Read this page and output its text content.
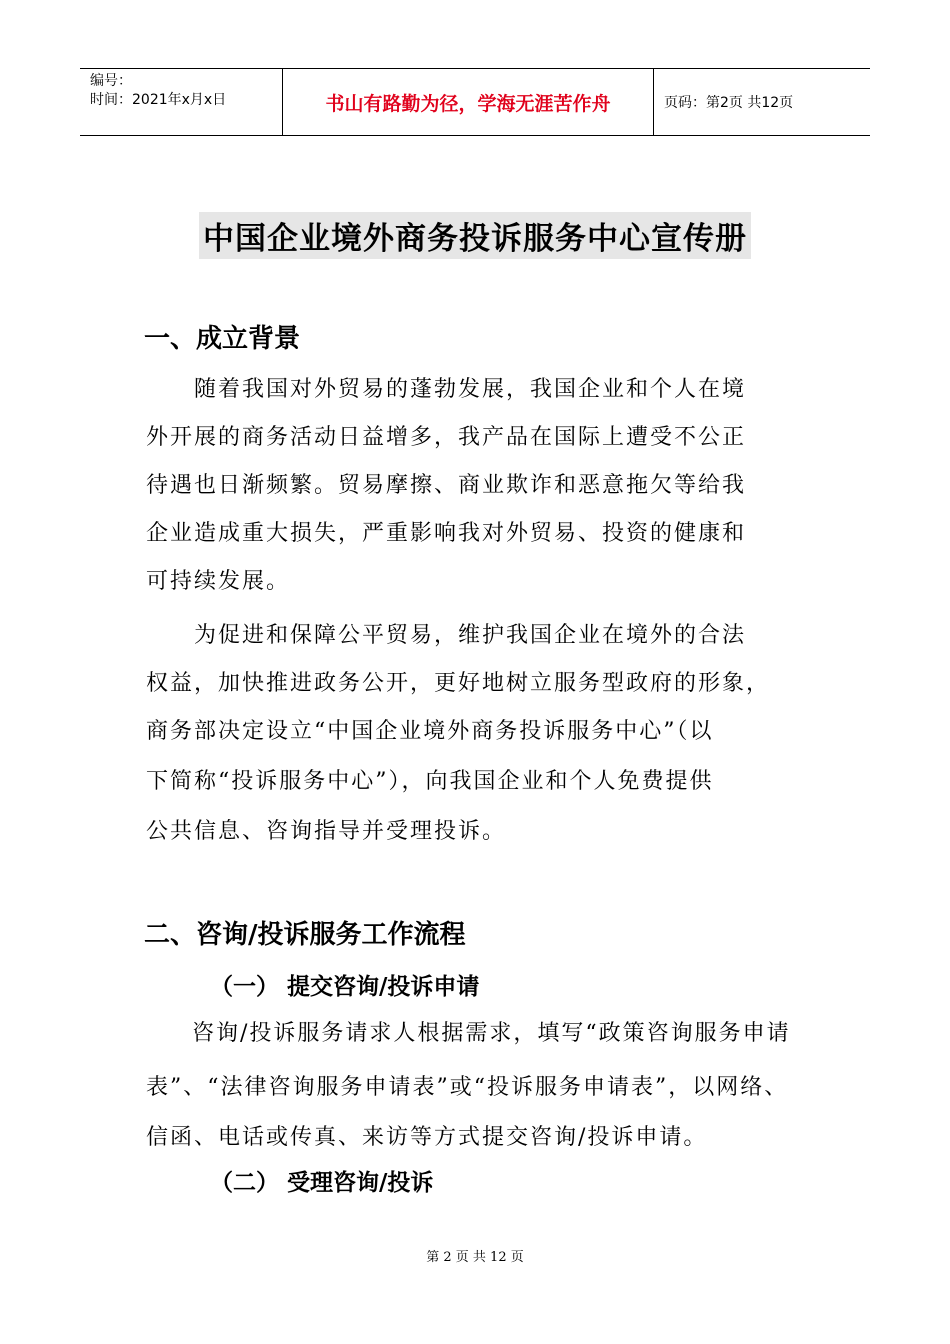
编号：
时间：2021年x月x日	书山有路勤为径，学海无涯苦作舟	页码：第2页 共12页
中国企业境外商务投诉服务中心宣传册
一、成立背景
　　随着我国对外贸易的蓬勃发展，我国企业和个人在境
外开展的商务活动日益增多，我产品在国际上遭受不公正
待遇也日渐频繁。贸易摩擦、商业欺诈和恶意拖欠等给我
企业造成重大损失，严重影响我对外贸易、投资的健康和
可持续发展。
　　为促进和保障公平贸易，维护我国企业在境外的合法
权益，加快推进政务公开，更好地树立服务型政府的形象，
商务部决定设立“中国企业境外商务投诉服务中心”（以
下简称“投诉服务中心”），向我国企业和个人免费提供
公共信息、咨询指导并受理投诉。
二、咨询/投诉服务工作流程
（一） 提交咨询/投诉申请
　咨询/投诉服务请求人根据需求，填写“政策咨询服务申请
表”、“法律咨询服务申请表”或“投诉服务申请表”，以网络、
信函、电话或传真、来访等方式提交咨询/投诉申请。
（二） 受理咨询/投诉
第 2 页 共 12 页
